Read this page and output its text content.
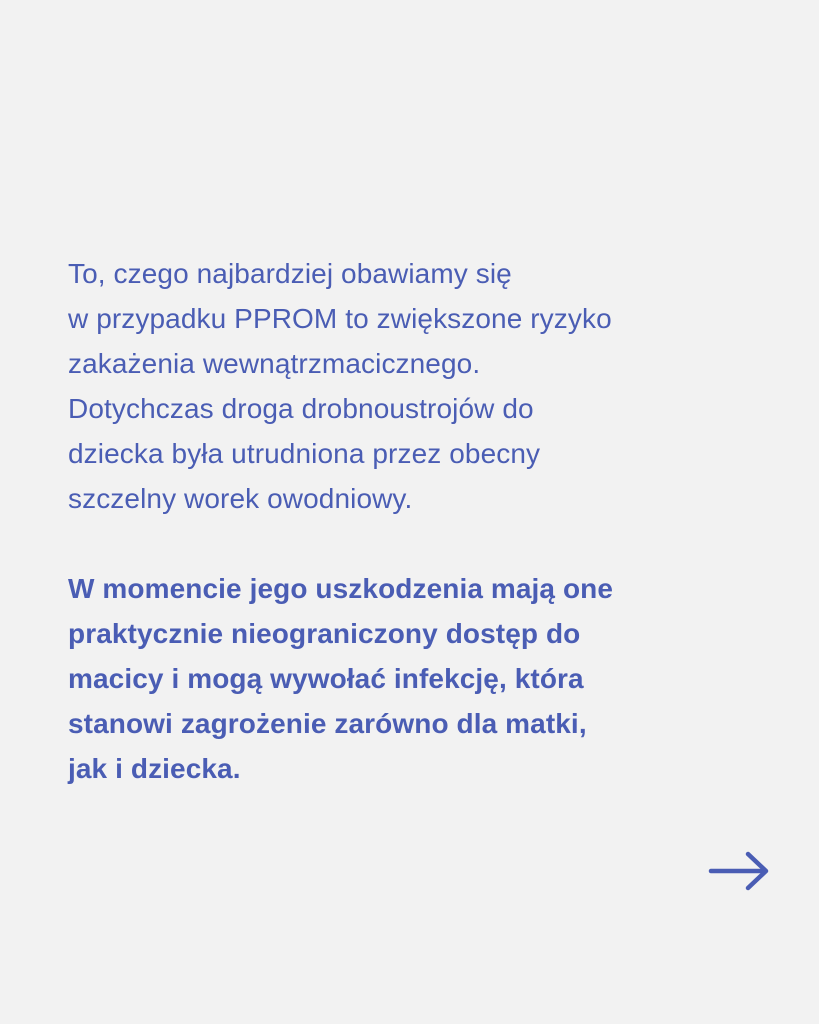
To, czego najbardziej obawiamy się
w przypadku PPROM to zwiększone ryzyko
zakażenia wewnątrzmacicznego.
Dotychczas droga drobnoustrojów do
dziecka była utrudniona przez obecny
szczelny worek owodniowy.

W momencie jego uszkodzenia mają one
praktycznie nieograniczony dostęp do
macicy i mogą wywołać infekcję, która
stanowi zagrożenie zarówno dla matki,
jak i dziecka.
